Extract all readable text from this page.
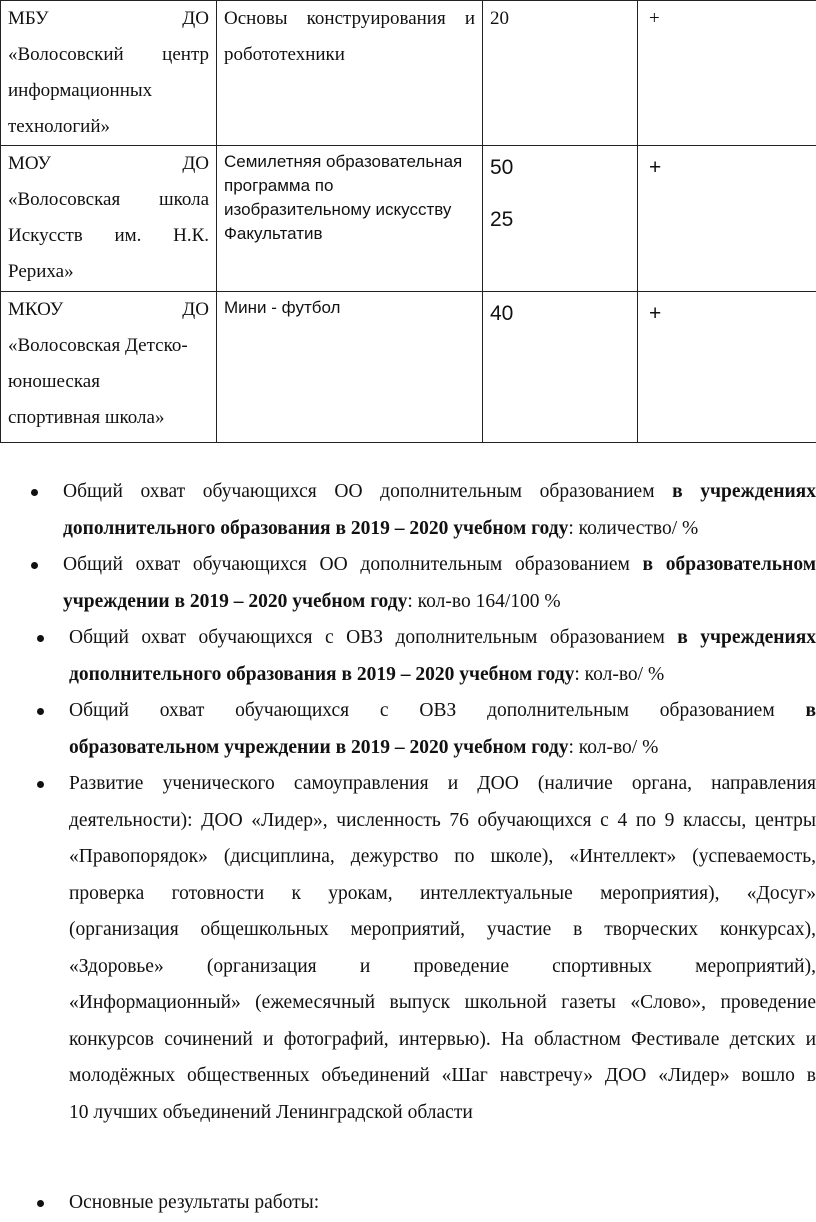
МБУ ДО
«Волосовский центр
информационных
технологий»	Основы конструирования и
робототехники	20	+

МОУ ДО
«Волосовская школа
Искусств им. Н.К.
Рериха»	Семилетняя образовательная
программа по
изобразительному искусству
Факультатив	50
25	+

МКОУ ДО
«Волосовская Детско-
юношеская
спортивная школа»	Мини - футбол	40	+
Общий охват обучающихся ОО дополнительным образованием в учреждениях
дополнительного образования в 2019 – 2020 учебном году: количество/ %
Общий охват обучающихся ОО дополнительным образованием в образовательном
учреждении в 2019 – 2020 учебном году: кол-во 164/100 %
Общий охват обучающихся с ОВЗ дополнительным образованием в учреждениях
дополнительного образования в 2019 – 2020 учебном году: кол-во/ %
Общий охват обучающихся с ОВЗ дополнительным образованием в
образовательном учреждении в 2019 – 2020 учебном году: кол-во/ %
Развитие ученического самоуправления и ДОО (наличие органа, направления
деятельности): ДОО «Лидер», численность 76 обучающихся с 4 по 9 классы, центры
«Правопорядок» (дисциплина, дежурство по школе), «Интеллект» (успеваемость,
проверка готовности к урокам, интеллектуальные мероприятия), «Досуг»
(организация общешкольных мероприятий, участие в творческих конкурсах),
«Здоровье» (организация и проведение спортивных мероприятий),
«Информационный» (ежемесячный выпуск школьной газеты «Слово», проведение
конкурсов сочинений и фотографий, интервью). На областном Фестивале детских и
молодёжных общественных объединений «Шаг навстречу» ДОО «Лидер» вошло в
10 лучших объединений Ленинградской области
Основные результаты работы:
